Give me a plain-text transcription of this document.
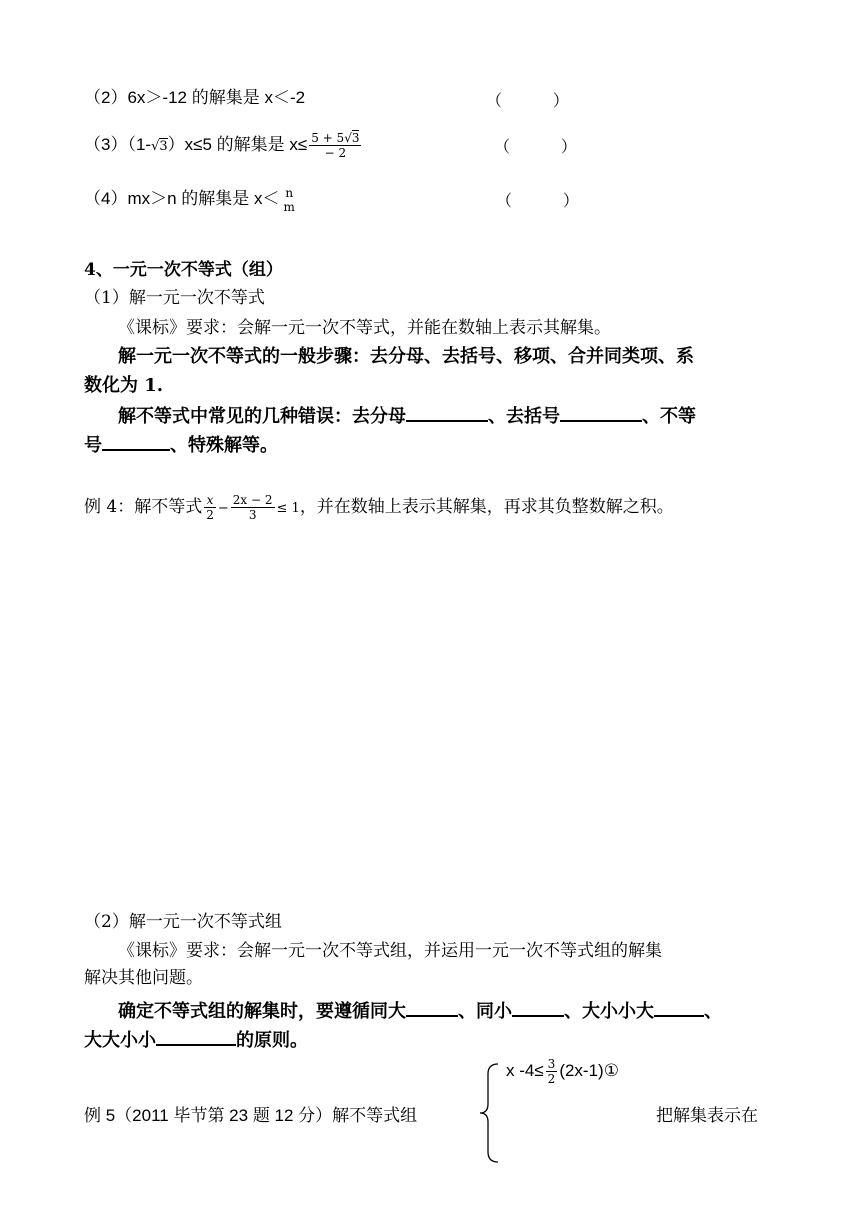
（2）6x＞-12 的解集是 x＜-2	（          ）
（3）（1-√3）x≤5 的解集是 $x\le \frac{5 + 5√3}{- 2}$	（          ）
（4）mx＞n 的解集是 x＜ n
m	（          ）
4、一元一次不等式（组）
（1）解一元一次不等式
《课标》要求：会解一元一次不等式，并能在数轴上表示其解集。
解一元一次不等式的一般步骤：去分母、去括号、移项、合并同类项、系
数化为 1.
解不等式中常见的几种错误：去分母	、去括号	、不等
号	、特殊解等。
例 4：解不等式 $\frac{x}{2} - \frac{2x - 2}{3} \le 1$，并在数轴上表示其解集，再求其负整数解之积。
（2）解一元一次不等式组
《课标》要求：会解一元一次不等式组，并运用一元一次不等式组的解集
解决其他问题。
确定不等式组的解集时，要遵循同大	、同小	、大小小大	、
大大小小	的原则。
x $-4\le \frac{3}{2}$ (2x-1)①
例 5（2011 毕节第 23 题 12 分）解不等式组	把解集表示在
